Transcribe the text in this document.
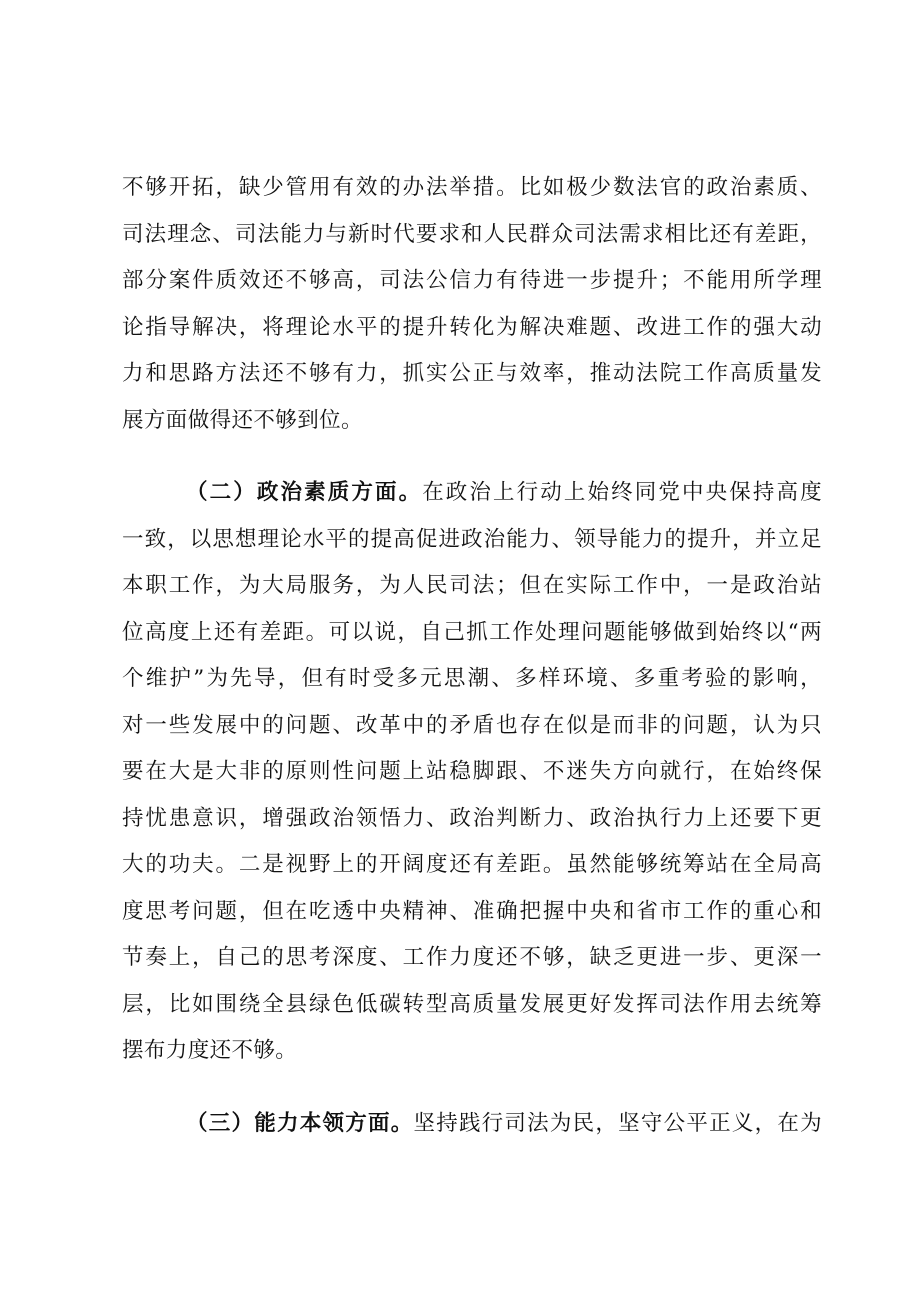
不够开拓，缺少管用有效的办法举措。比如极少数法官的政治素质、
司法理念、司法能力与新时代要求和人民群众司法需求相比还有差距，
部分案件质效还不够高，司法公信力有待进一步提升；不能用所学理
论指导解决，将理论水平的提升转化为解决难题、改进工作的强大动
力和思路方法还不够有力，抓实公正与效率，推动法院工作高质量发
展方面做得还不够到位。
（二）政治素质方面。在政治上行动上始终同党中央保持高度
一致，以思想理论水平的提高促进政治能力、领导能力的提升，并立足
本职工作，为大局服务，为人民司法；但在实际工作中，一是政治站
位高度上还有差距。可以说，自己抓工作处理问题能够做到始终以“两
个维护”为先导，但有时受多元思潮、多样环境、多重考验的影响，
对一些发展中的问题、改革中的矛盾也存在似是而非的问题，认为只
要在大是大非的原则性问题上站稳脚跟、不迷失方向就行，在始终保
持忧患意识，增强政治领悟力、政治判断力、政治执行力上还要下更
大的功夫。二是视野上的开阔度还有差距。虽然能够统筹站在全局高
度思考问题，但在吃透中央精神、准确把握中央和省市工作的重心和
节奏上，自己的思考深度、工作力度还不够，缺乏更进一步、更深一
层，比如围绕全县绿色低碳转型高质量发展更好发挥司法作用去统筹
摆布力度还不够。
（三）能力本领方面。坚持践行司法为民，坚守公平正义，在为
